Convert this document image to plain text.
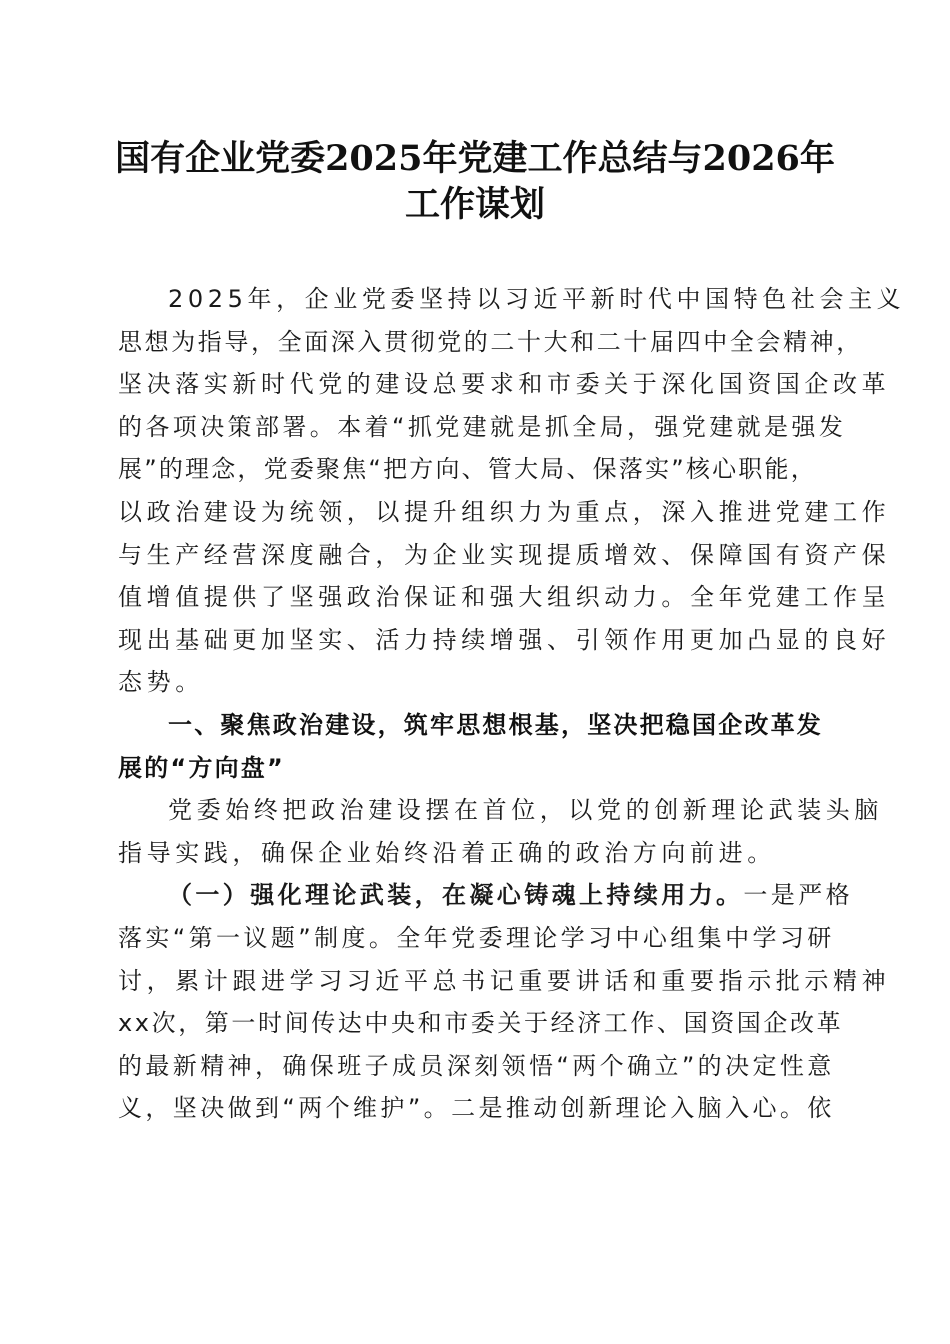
国有企业党委2025年党建工作总结与2026年
工作谋划
2025年，企业党委坚持以习近平新时代中国特色社会主义
思想为指导，全面深入贯彻党的二十大和二十届四中全会精神，
坚决落实新时代党的建设总要求和市委关于深化国资国企改革
的各项决策部署。本着“抓党建就是抓全局，强党建就是强发
展”的理念，党委聚焦“把方向、管大局、保落实”核心职能，
以政治建设为统领，以提升组织力为重点，深入推进党建工作
与生产经营深度融合，为企业实现提质增效、保障国有资产保
值增值提供了坚强政治保证和强大组织动力。全年党建工作呈
现出基础更加坚实、活力持续增强、引领作用更加凸显的良好
态势。
一、聚焦政治建设，筑牢思想根基，坚决把稳国企改革发
展的“方向盘”
党委始终把政治建设摆在首位，以党的创新理论武装头脑
指导实践，确保企业始终沿着正确的政治方向前进。
（一）强化理论武装，在凝心铸魂上持续用力。一是严格
落实“第一议题”制度。全年党委理论学习中心组集中学习研
讨，累计跟进学习习近平总书记重要讲话和重要指示批示精神
xx次，第一时间传达中央和市委关于经济工作、国资国企改革
的最新精神，确保班子成员深刻领悟“两个确立”的决定性意
义，坚决做到“两个维护”。二是推动创新理论入脑入心。依
